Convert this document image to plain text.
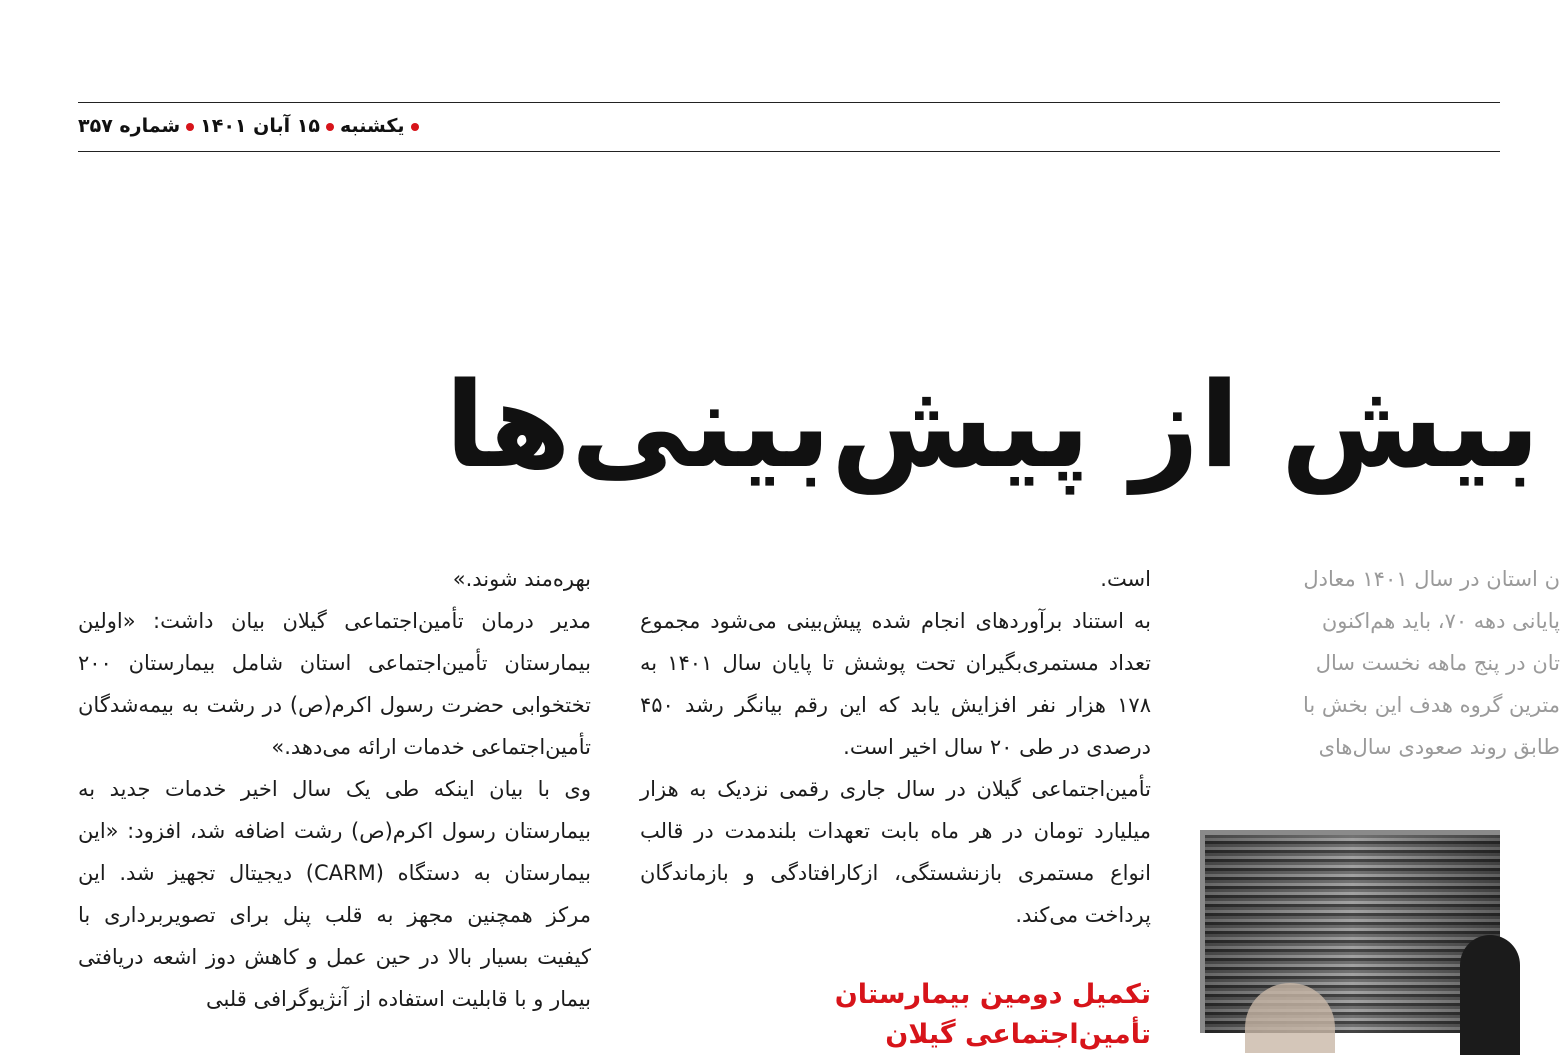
یکشنبه۱۵ آبان ۱۴۰۱شماره ۳۵۷
بیش از پیش‌بینی‌ها

ن استان در سال ۱۴۰۱ معادل

پایانی دهه ۷۰، باید هم‌اکنون

تان در پنج ماهه نخست سال

مترین گروه هدف این بخش با

طابق روند صعودی سال‌های

است.

به استناد برآوردهای انجام شده پیش‌بینی می‌شود مجموع تعداد مستمری‌بگیران تحت پوشش تا پایان سال ۱۴۰۱ به ۱۷۸ هزار نفر افزایش یابد که این رقم بیانگر رشد ۴۵۰ درصدی در طی ۲۰ سال اخیر است.

تأمین‌اجتماعی گیلان در سال جاری رقمی نزدیک به هزار میلیارد تومان در هر ماه بابت تعهدات بلندمدت در قالب انواع مستمری بازنشستگی، ازکارافتادگی و بازماندگان پرداخت می‌کند.

تکمیل دومین بیمارستان تأمین‌اجتماعی گیلان

بهره‌مند شوند.»

مدیر درمان تأمین‌اجتماعی گیلان بیان داشت: «اولین بیمارستان تأمین‌اجتماعی استان شامل بیمارستان ۲۰۰ تختخوابی حضرت رسول اکرم(ص) در رشت به بیمه‌شدگان تأمین‌اجتماعی خدمات ارائه می‌دهد.»

وی با بیان اینکه طی یک سال اخیر خدمات جدید به بیمارستان رسول اکرم(ص) رشت اضافه شد، افزود: «این بیمارستان به دستگاه (CARM) دیجیتال تجهیز شد. این مرکز همچنین مجهز به قلب پنل برای تصویربرداری با کیفیت بسیار بالا در حین عمل و کاهش دوز اشعه دریافتی بیمار و با قابلیت استفاده از آنژیوگرافی قلبی
